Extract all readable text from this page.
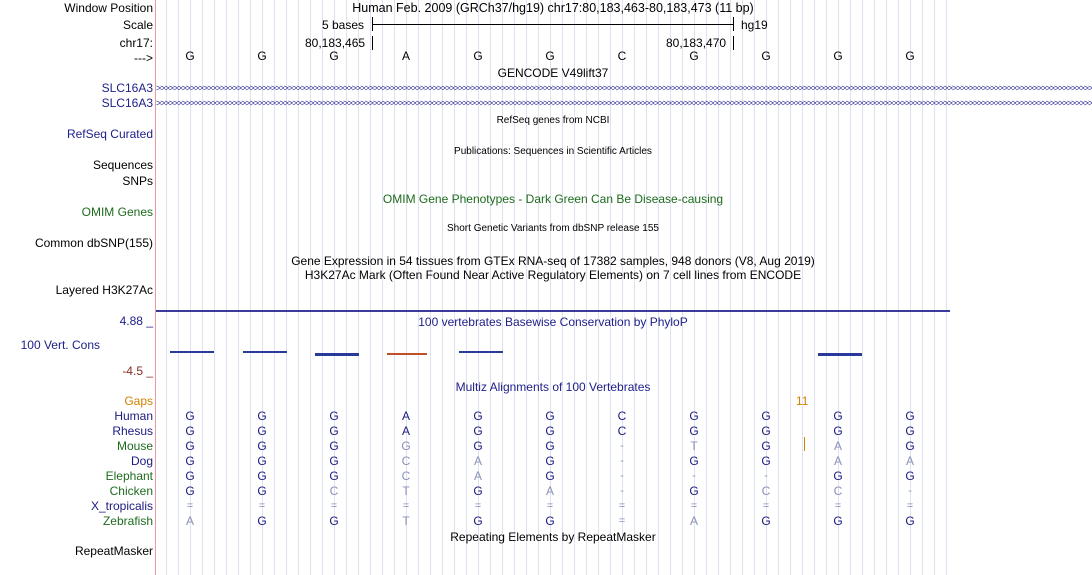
Window Position
Scale
chr17:
--->
SLC16A3
SLC16A3
RefSeq Curated
Sequences
SNPs
OMIM Genes
Common dbSNP(155)
Layered H3K27Ac
4.88 _
100 Vert. Cons
-4.5 _
Gaps
Human
Rhesus
Mouse
Dog
Elephant
Chicken
X_tropicalis
Zebrafish
RepeatMasker
Human Feb. 2009 (GRCh37/hg19) chr17:80,183,463-80,183,473 (11 bp)
5 bases	hg19
80,183,465	80,183,470
G	G	G	A	G	G	C	G	G	G	G
GENCODE V49lift37
>>>>>>>>>>>>>>>>>>>>>>>>>>>>>>>>>>>>>>>>>>>>>>>>>>>>>>>>>>>>>>>>>>>>>>>>>>>>>>>>>>>>>>>>>>>>>>>>>>>>>>>>>>>>>>>>>>>>>>>>>>>>>>>>>>>>>>>>>>>>>>>>>>>>>>>>>>>>>>>>>>>>>>>>>>>>>>>>>>>>>>>>>>>>>>>>>>>>>>>>>>>>>>>>>>>>>>>>>>>>
>>>>>>>>>>>>>>>>>>>>>>>>>>>>>>>>>>>>>>>>>>>>>>>>>>>>>>>>>>>>>>>>>>>>>>>>>>>>>>>>>>>>>>>>>>>>>>>>>>>>>>>>>>>>>>>>>>>>>>>>>>>>>>>>>>>>>>>>>>>>>>>>>>>>>>>>>>>>>>>>>>>>>>>>>>>>>>>>>>>>>>>>>>>>>>>>>>>>>>>>>>>>>>>>>>>>>>>>>>>>
RefSeq genes from NCBI
Publications: Sequences in Scientific Articles
OMIM Gene Phenotypes - Dark Green Can Be Disease-causing
Short Genetic Variants from dbSNP release 155
Gene Expression in 54 tissues from GTEx RNA-seq of 17382 samples, 948 donors (V8, Aug 2019)
H3K27Ac Mark (Often Found Near Active Regulatory Elements) on 7 cell lines from ENCODE
100 vertebrates Basewise Conservation by PhyloP
Multiz Alignments of 100 Vertebrates
11
G	G	G	A	G	G	C	G	G	G	G
G	G	G	A	G	G	C	G	G	G	G
G	G	G	G	G	G	-	T	G	A	G
G	G	G	C	A	G	-	G	G	A	A
G	G	G	C	A	G	-	-	-	G	G
G	G	C	T	G	A	-	G	C	C	-
=	=	=	=	=	=	=	=	=	=	=
A	G	G	T	G	G	=	A	G	G	G
Repeating Elements by RepeatMasker
